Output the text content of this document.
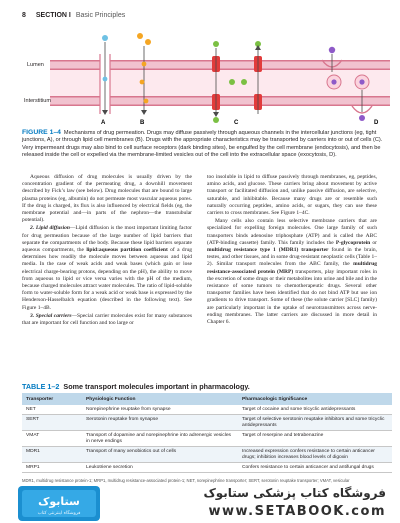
8 SECTION I Basic Principles
Lumen
Interstitium
A	B	C	D
FIGURE 1–4 Mechanisms of drug permeation. Drugs may diffuse passively through aqueous channels in the intercellular junctions (eg, tight junctions, A), or through lipid cell membranes (B). Drugs with the appropriate characteristics may be transported by carriers into or out of cells (C). Very impermeant drugs may also bind to cell surface receptors (dark binding sites), be engulfed by the cell membrane (endocytosis), and then be released inside the cell or expelled via the membrane-limited vesicles out of the cell into the extracellular space (exocytosis, D).

Aqueous diffusion of drug molecules is usually driven by the concentration gradient of the permeating drug, a downhill movement described by Fick’s law (see below). Drug molecules that are bound to large plasma proteins (eg, albumin) do not permeate most vascular aqueous pores. If the drug is charged, its flux is also influenced by electrical fields (eg, the membrane potential and—in parts of the nephron—the transtubular potential).

2. Lipid diffusion—Lipid diffusion is the most important limiting factor for drug permeation because of the large number of lipid barriers that separate the compartments of the body. Because these lipid barriers separate aqueous compartments, the lipid:aqueous partition coefficient of a drug determines how readily the molecule moves between aqueous and lipid media. In the case of weak acids and weak bases (which gain or lose electrical charge-bearing protons, depending on the pH), the ability to move from aqueous to lipid or vice versa varies with the pH of the medium, because charged molecules attract water molecules. The ratio of lipid-soluble form to water-soluble form for a weak acid or weak base is expressed by the Henderson-Hasselbalch equation (described in the following text). See Figure 1–4B.

3. Special carriers—Special carrier molecules exist for many substances that are important for cell function and too large or

too insoluble in lipid to diffuse passively through membranes, eg, peptides, amino acids, and glucose. These carriers bring about movement by active transport or facilitated diffusion and, unlike passive diffusion, are selective, saturable, and inhibitable. Because many drugs are or resemble such naturally occurring peptides, amino acids, or sugars, they can use these carriers to cross membranes. See Figure 1–4C.

Many cells also contain less selective membrane carriers that are specialized for expelling foreign molecules. One large family of such transporters binds adenosine triphosphate (ATP) and is called the ABC (ATP-binding cassette) family. This family includes the P-glycoprotein or multidrug resistance type 1 (MDR1) transporter found in the brain, testes, and other tissues, and in some drug-resistant neoplastic cells (Table 1–2). Similar transport molecules from the ABC family, the multidrug resistance-associated protein (MRP) transporters, play important roles in the excretion of some drugs or their metabolites into urine and bile and in the resistance of some tumors to chemotherapeutic drugs. Several other transporter families have been identified that do not bind ATP but use ion gradients to drive transport. Some of these (the solute carrier [SLC] family) are particularly important in the uptake of neurotransmitters across nerve-ending membranes. The latter carriers are discussed in more detail in Chapter 6.

TABLE 1–2 Some transport molecules important in pharmacology.
Transporter	Physiologic Function	Pharmacologic Significance
NET	Norepinephrine reuptake from synapse	Target of cocaine and some tricyclic antidepressants
SERT	Serotonin reuptake from synapse	Target of selective serotonin reuptake inhibitors and some tricyclic antidepressants
VMAT	Transport of dopamine and norepinephrine into adrenergic vesicles in nerve endings	Target of reserpine and tetrabenazine
MDR1	Transport of many xenobiotics out of cells	Increased expression confers resistance to certain anticancer drugs; inhibition increases blood levels of digoxin
MRP1	Leukotriene secretion	Confers resistance to certain anticancer and antifungal drugs
MDR1, multidrug resistance protein-1; MRP1, multidrug resistance-associated protein-1; NET, norepinephrine transporter; SERT, serotonin reuptake transporter; VMAT, vesicular
ستابوک
فروشگاه اینترنتی کتاب
فروشگاه کتاب پزشکی ستابوک
www.SETABOOK.com
